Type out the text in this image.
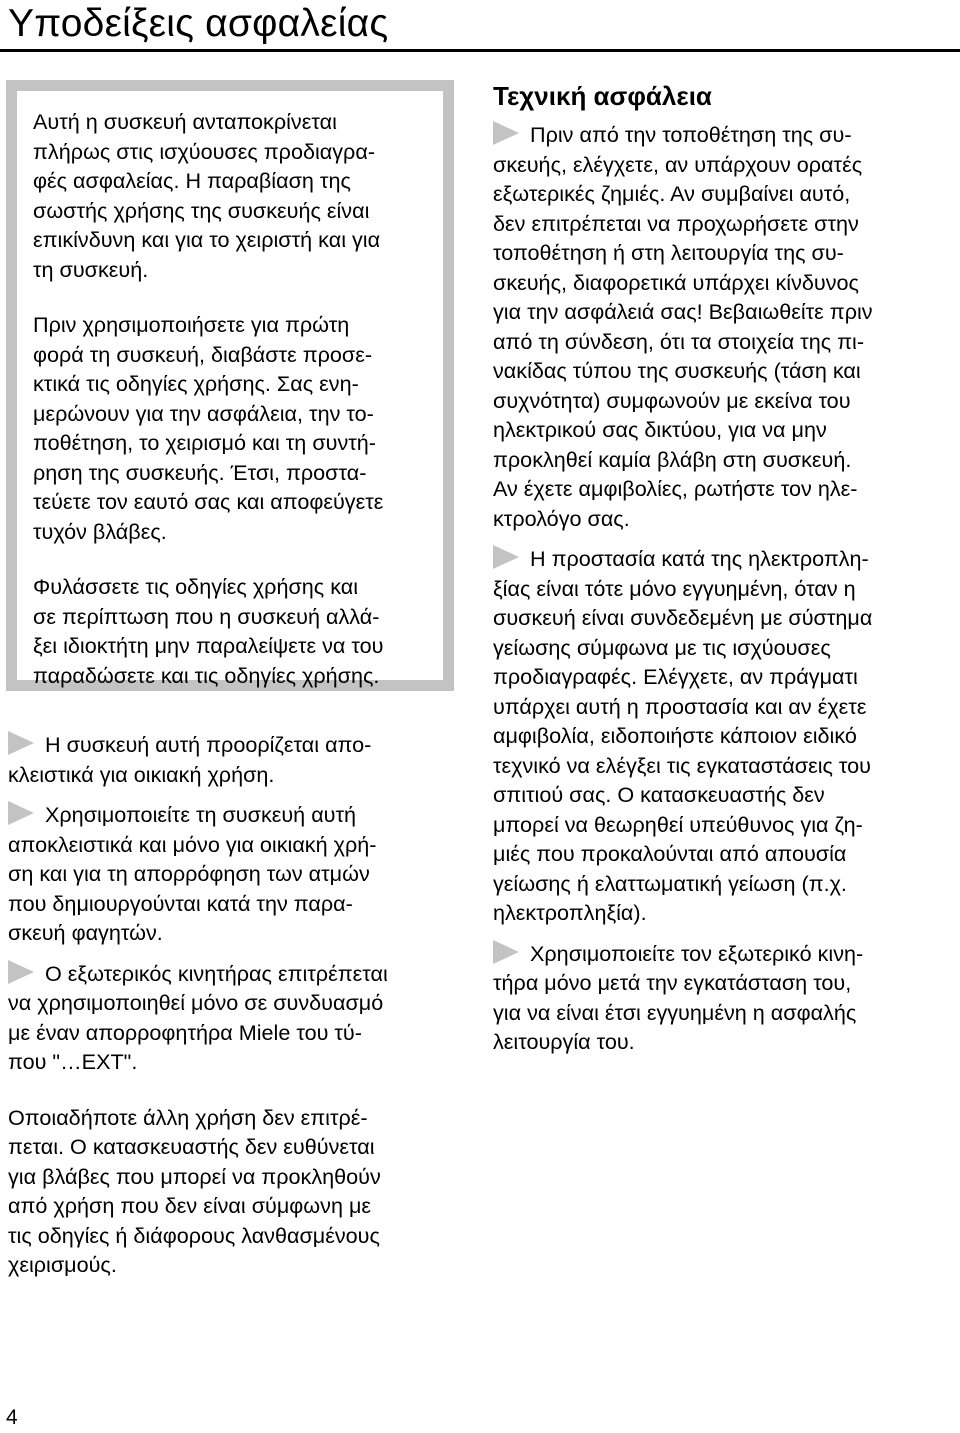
Υποδείξεις ασφαλείας

Αυτή η συσκευή ανταποκρίνεται
πλήρως στις ισχύουσες προδιαγρα-
φές ασφαλείας. Η παραβίαση της
σωστής χρήσης της συσκευής είναι
επικίνδυνη και για το χειριστή και για
τη συσκευή.

Πριν χρησιμοποιήσετε για πρώτη
φορά τη συσκευή, διαβάστε προσε-
κτικά τις οδηγίες χρήσης. Σας ενη-
μερώνουν για την ασφάλεια, την το-
ποθέτηση, το χειρισμό και τη συντή-
ρηση της συσκευής. Έτσι, προστα-
τεύετε τον εαυτό σας και αποφεύγετε
τυχόν βλάβες.

Φυλάσσετε τις οδηγίες χρήσης και
σε περίπτωση που η συσκευή αλλά-
ξει ιδιοκτήτη μην παραλείψετε να του
παραδώσετε και τις οδηγίες χρήσης.

Η συσκευή αυτή προορίζεται απο-
κλειστικά για οικιακή χρήση.
Χρησιμοποιείτε τη συσκευή αυτή
αποκλειστικά και μόνο για οικιακή χρή-
ση και για τη απορρόφηση των ατμών
που δημιουργούνται κατά την παρα-
σκευή φαγητών.
Ο εξωτερικός κινητήρας επιτρέπεται
να χρησιμοποιηθεί μόνο σε συνδυασμό
με έναν απορροφητήρα Miele του τύ-
που "…EXT".

Οποιαδήποτε άλλη χρήση δεν επιτρέ-
πεται. Ο κατασκευαστής δεν ευθύνεται
για βλάβες που μπορεί να προκληθούν
από χρήση που δεν είναι σύμφωνη με
τις οδηγίες ή διάφορους λανθασμένους
χειρισμούς.

Τεχνική ασφάλεια
Πριν από την τοποθέτηση της συ-
σκευής, ελέγχετε, αν υπάρχουν ορατές
εξωτερικές ζημιές. Αν συμβαίνει αυτό,
δεν επιτρέπεται να προχωρήσετε στην
τοποθέτηση ή στη λειτουργία της συ-
σκευής, διαφορετικά υπάρχει κίνδυνος
για την ασφάλειά σας! Βεβαιωθείτε πριν
από τη σύνδεση, ότι τα στοιχεία της πι-
νακίδας τύπου της συσκευής (τάση και
συχνότητα) συμφωνούν με εκείνα του
ηλεκτρικού σας δικτύου, για να μην
προκληθεί καμία βλάβη στη συσκευή.
Αν έχετε αμφιβολίες, ρωτήστε τον ηλε-
κτρολόγο σας.
Η προστασία κατά της ηλεκτροπλη-
ξίας είναι τότε μόνο εγγυημένη, όταν η
συσκευή είναι συνδεδεμένη με σύστημα
γείωσης σύμφωνα με τις ισχύουσες
προδιαγραφές. Ελέγχετε, αν πράγματι
υπάρχει αυτή η προστασία και αν έχετε
αμφιβολία, ειδοποιήστε κάποιον ειδικό
τεχνικό να ελέγξει τις εγκαταστάσεις του
σπιτιού σας. Ο κατασκευαστής δεν
μπορεί να θεωρηθεί υπεύθυνος για ζη-
μιές που προκαλούνται από απουσία
γείωσης ή ελαττωματική γείωση (π.χ.
ηλεκτροπληξία).
Χρησιμοποιείτε τον εξωτερικό κινη-
τήρα μόνο μετά την εγκατάσταση του,
για να είναι έτσι εγγυημένη η ασφαλής
λειτουργία του.
4
